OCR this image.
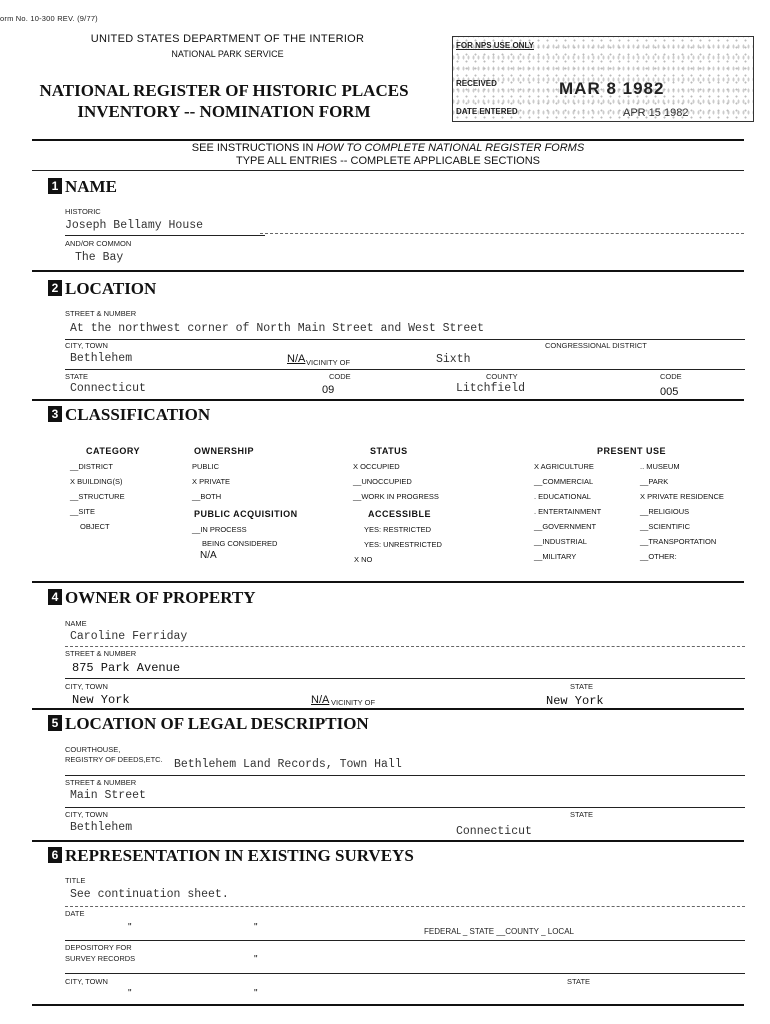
orm No. 10-300 REV. (9/77)
UNITED STATES DEPARTMENT OF THE INTERIOR
NATIONAL PARK SERVICE
NATIONAL REGISTER OF HISTORIC PLACES
INVENTORY -- NOMINATION FORM
FOR NPS USE ONLY
RECEIVED	MAR 8 1982
DATE ENTERED	APR 15 1982
SEE INSTRUCTIONS IN HOW TO COMPLETE NATIONAL REGISTER FORMS
TYPE ALL ENTRIES -- COMPLETE APPLICABLE SECTIONS
1 NAME
HISTORIC
Joseph Bellamy House
AND/OR COMMON
The Bay
2 LOCATION
STREET & NUMBER
At the northwest corner of North Main Street and West Street
CITY, TOWN
Bethlehem	N/A VICINITY OF
CONGRESSIONAL DISTRICT
Sixth
STATE
Connecticut
CODE
09
COUNTY
Litchfield
CODE
005
3 CLASSIFICATION
CATEGORY
__DISTRICT
X BUILDING(S)
__STRUCTURE
__SITE
OBJECT
OWNERSHIP
PUBLIC
X PRIVATE
__BOTH
PUBLIC ACQUISITION
__IN PROCESS
BEING CONSIDERED
N/A
STATUS
X OCCUPIED
__UNOCCUPIED
__WORK IN PROGRESS
ACCESSIBLE
YES: RESTRICTED
YES: UNRESTRICTED
X NO
PRESENT USE
X AGRICULTURE
__COMMERCIAL
. EDUCATIONAL
. ENTERTAINMENT
__GOVERNMENT
__INDUSTRIAL
__MILITARY
.. MUSEUM
__PARK
X PRIVATE RESIDENCE
__RELIGIOUS
__SCIENTIFIC
__TRANSPORTATION
__OTHER:
4 OWNER OF PROPERTY
NAME
Caroline Ferriday
STREET & NUMBER
875 Park Avenue
CITY, TOWN
New York	N/A VICINITY OF
STATE
New York
5 LOCATION OF LEGAL DESCRIPTION
COURTHOUSE,
REGISTRY OF DEEDS,ETC. Bethlehem Land Records, Town Hall
STREET & NUMBER
Main Street
CITY, TOWN
Bethlehem
STATE
Connecticut
6 REPRESENTATION IN EXISTING SURVEYS
TITLE
See continuation sheet.
DATE
"	"	FEDERAL _ STATE __COUNTY _ LOCAL
DEPOSITORY FOR
SURVEY RECORDS	"
CITY, TOWN
"	"
STATE
